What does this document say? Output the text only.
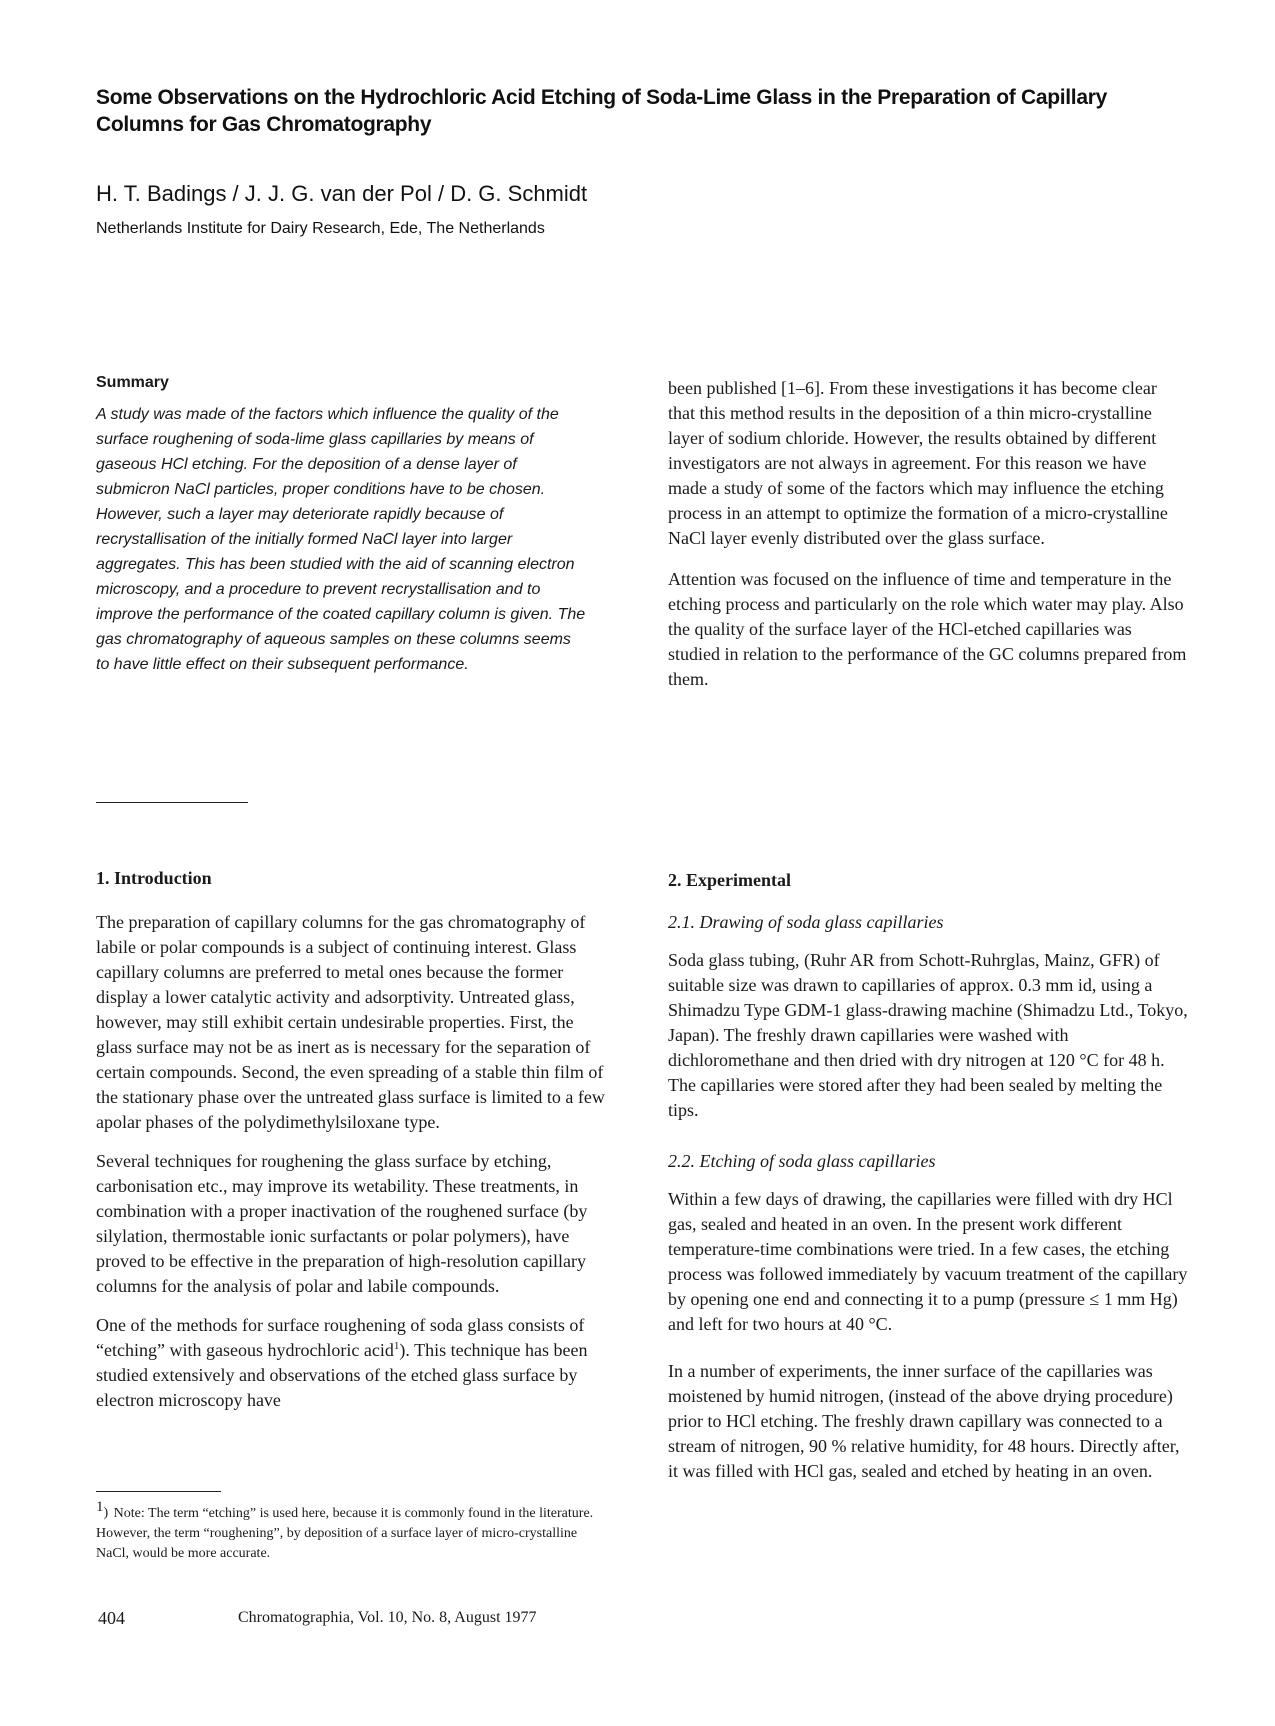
Some Observations on the Hydrochloric Acid Etching of Soda-Lime Glass in the Preparation of Capillary Columns for Gas Chromatography
H. T. Badings / J. J. G. van der Pol / D. G. Schmidt
Netherlands Institute for Dairy Research, Ede, The Netherlands

Summary

A study was made of the factors which influence the quality of the surface roughening of soda-lime glass capillaries by means of gaseous HCl etching. For the deposition of a dense layer of submicron NaCl particles, proper conditions have to be chosen. However, such a layer may deteriorate rapidly because of recrystallisation of the initially formed NaCl layer into larger aggregates. This has been studied with the aid of scanning electron microscopy, and a procedure to prevent recrystallisation and to improve the performance of the coated capillary column is given. The gas chromatography of aqueous samples on these columns seems to have little effect on their subsequent performance.

been published [1–6]. From these investigations it has become clear that this method results in the deposition of a thin micro-crystalline layer of sodium chloride. However, the results obtained by different investigators are not always in agreement. For this reason we have made a study of some of the factors which may influence the etching process in an attempt to optimize the formation of a micro-crystalline NaCl layer evenly distributed over the glass surface.

Attention was focused on the influence of time and temperature in the etching process and particularly on the role which water may play. Also the quality of the surface layer of the HCl-etched capillaries was studied in relation to the performance of the GC columns prepared from them.

1. Introduction

The preparation of capillary columns for the gas chromatography of labile or polar compounds is a subject of continuing interest. Glass capillary columns are preferred to metal ones because the former display a lower catalytic activity and adsorptivity. Untreated glass, however, may still exhibit certain undesirable properties. First, the glass surface may not be as inert as is necessary for the separation of certain compounds. Second, the even spreading of a stable thin film of the stationary phase over the untreated glass surface is limited to a few apolar phases of the polydimethylsiloxane type.

Several techniques for roughening the glass surface by etching, carbonisation etc., may improve its wetability. These treatments, in combination with a proper inactivation of the roughened surface (by silylation, thermostable ionic surfactants or polar polymers), have proved to be effective in the preparation of high-resolution capillary columns for the analysis of polar and labile compounds.

One of the methods for surface roughening of soda glass consists of “etching” with gaseous hydrochloric acid$^1$). This technique has been studied extensively and observations of the etched glass surface by electron microscopy have

2. Experimental

2.1. Drawing of soda glass capillaries

Soda glass tubing, (Ruhr AR from Schott-Ruhrglas, Mainz, GFR) of suitable size was drawn to capillaries of approx. 0.3 mm id, using a Shimadzu Type GDM-1 glass-drawing machine (Shimadzu Ltd., Tokyo, Japan). The freshly drawn capillaries were washed with dichloromethane and then dried with dry nitrogen at 120 °C for 48 h. The capillaries were stored after they had been sealed by melting the tips.

2.2. Etching of soda glass capillaries

Within a few days of drawing, the capillaries were filled with dry HCl gas, sealed and heated in an oven. In the present work different temperature-time combinations were tried. In a few cases, the etching process was followed immediately by vacuum treatment of the capillary by opening one end and connecting it to a pump (pressure ≤ 1 mm Hg) and left for two hours at 40 °C.

In a number of experiments, the inner surface of the capillaries was moistened by humid nitrogen, (instead of the above drying procedure) prior to HCl etching. The freshly drawn capillary was connected to a stream of nitrogen, 90 % relative humidity, for 48 hours. Directly after, it was filled with HCl gas, sealed and etched by heating in an oven.

$^1$) Note: The term “etching” is used here, because it is commonly found in the literature. However, the term “roughening”, by deposition of a surface layer of micro-crystalline NaCl, would be more accurate.

404	Chromatographia, Vol. 10, No. 8, August 1977
